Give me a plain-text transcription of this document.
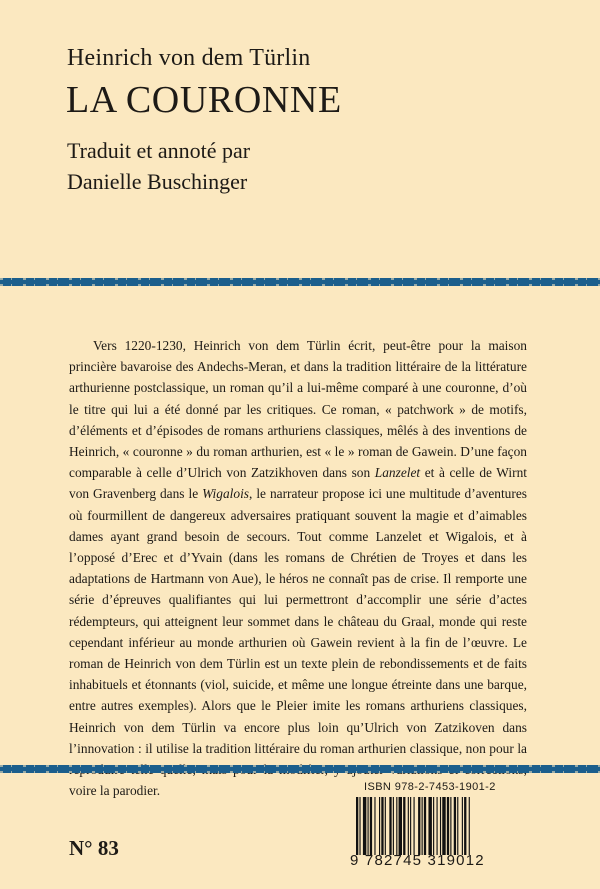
Heinrich von dem Türlin
LA COURONNE
Traduit et annoté par
Danielle Buschinger

Vers 1220-1230, Heinrich von dem Türlin écrit, peut-être pour la maison princière bavaroise des Andechs-Meran, et dans la tradition littéraire de la littérature arthurienne postclassique, un roman qu’il a lui-même comparé à une couronne, d’où le titre qui lui a été donné par les critiques. Ce roman, « patchwork » de motifs, d’éléments et d’épisodes de romans arthuriens classiques, mêlés à des inventions de Heinrich, « couronne » du roman arthurien, est « le » roman de Gawein. D’une façon comparable à celle d’Ulrich von Zatzikhoven dans son Lanzelet et à celle de Wirnt von Gravenberg dans le Wigalois, le narrateur propose ici une multitude d’aventures où fourmillent de dangereux adversaires pratiquant souvent la magie et d’aimables dames ayant grand besoin de secours. Tout comme Lanzelet et Wigalois, et à l’opposé d’Erec et d’Yvain (dans les romans de Chrétien de Troyes et dans les adaptations de Hartmann von Aue), le héros ne connaît pas de crise. Il remporte une série d’épreuves qualifiantes qui lui permettront d’accomplir une série d’actes rédempteurs, qui atteignent leur sommet dans le château du Graal, monde qui reste cependant inférieur au monde arthurien où Gawein revient à la fin de l’œuvre. Le roman de Heinrich von dem Türlin est un texte plein de rebondissements et de faits inhabituels et étonnants (viol, suicide, et même une longue étreinte dans une barque, entre autres exemples). Alors que le Pleier imite les romans arthuriens classiques, Heinrich von dem Türlin va encore plus loin qu’Ulrich von Zatzikoven dans l’innovation : il utilise la tradition littéraire du roman arthurien classique, non pour la voire la parodier.	ISBN 978-2-7453-1901-2
9 782745 319012
N° 83
